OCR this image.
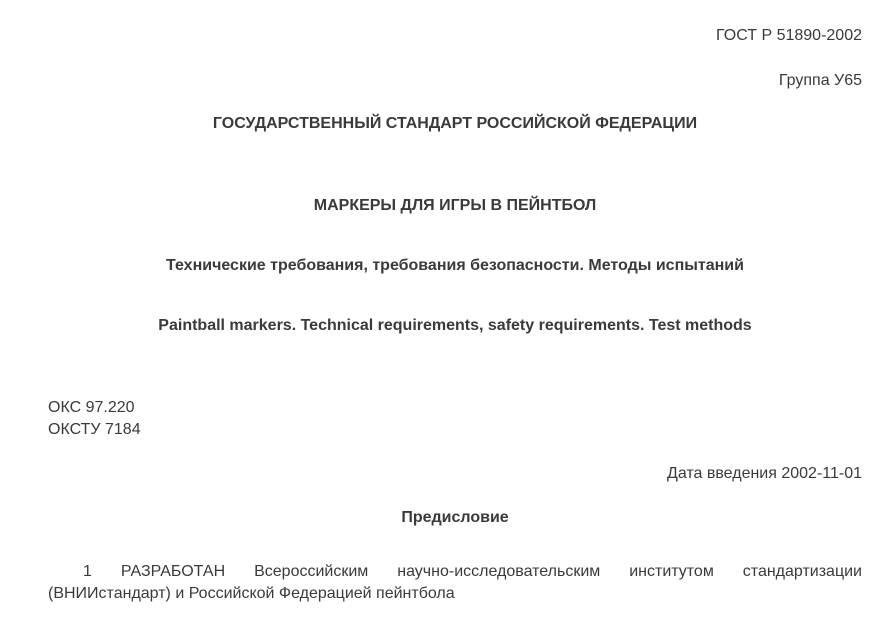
ГОСТ Р 51890-2002
Группа У65
ГОСУДАРСТВЕННЫЙ СТАНДАРТ РОССИЙСКОЙ ФЕДЕРАЦИИ
МАРКЕРЫ ДЛЯ ИГРЫ В ПЕЙНТБОЛ
Технические требования, требования безопасности. Методы испытаний
Paintball markers. Technical requirements, safety requirements. Test methods
ОКС 97.220
ОКСТУ 7184
Дата введения 2002-11-01
Предисловие
1 РАЗРАБОТАН Всероссийским научно-исследовательским институтом стандартизации (ВНИИстандарт) и Российской Федерацией пейнтбола
